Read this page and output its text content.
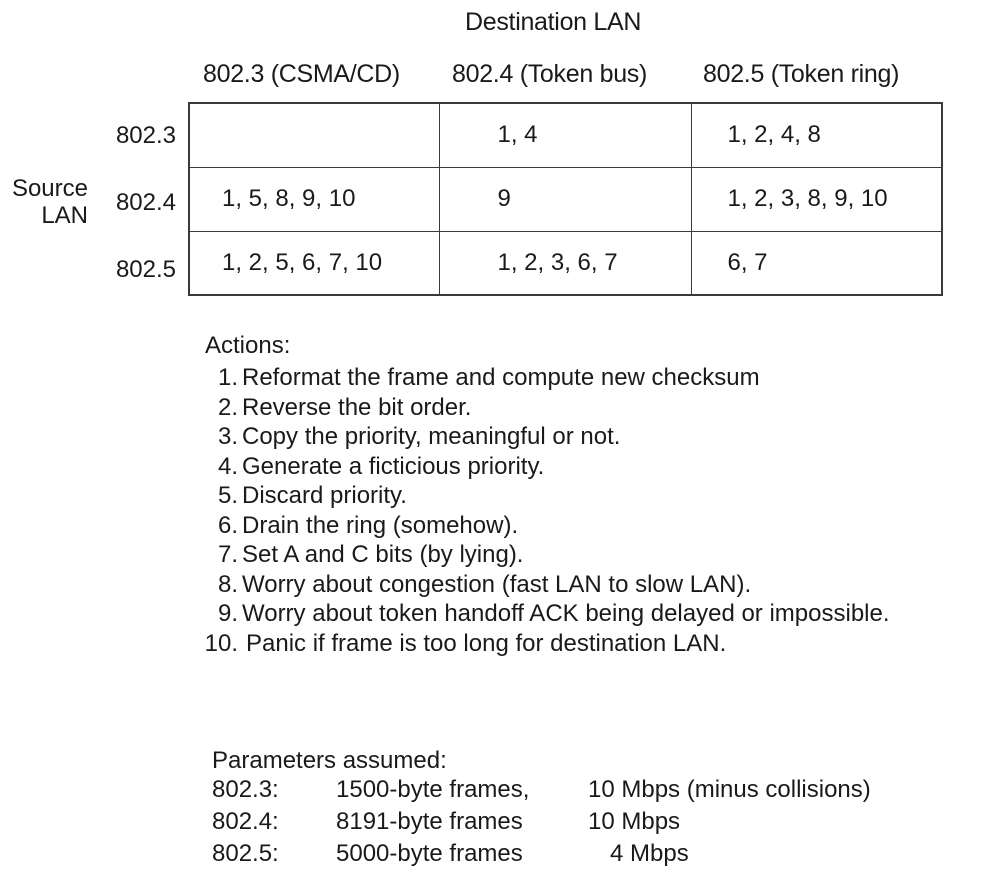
Destination LAN
802.3 (CSMA/CD) 802.4 (Token bus) 802.5 (Token ring)
Source
LAN
802.3
802.4
802.5
	1, 4	1, 2, 4, 8
1, 5, 8, 9, 10	9	1, 2, 3, 8, 9, 10
1, 2, 5, 6, 7, 10	1, 2, 3, 6, 7	6, 7
Actions:
1. Reformat the frame and compute new checksum
2. Reverse the bit order.
3. Copy the priority, meaningful or not.
4. Generate a ficticious priority.
5. Discard priority.
6. Drain the ring (somehow).
7. Set A and C bits (by lying).
8. Worry about congestion (fast LAN to slow LAN).
9. Worry about token handoff ACK being delayed or impossible.
10. Panic if frame is too long for destination LAN.
Parameters assumed:
802.3: 1500-byte frames, 10 Mbps (minus collisions)
802.4: 8191-byte frames	10 Mbps
802.5: 5000-byte frames	4 Mbps
